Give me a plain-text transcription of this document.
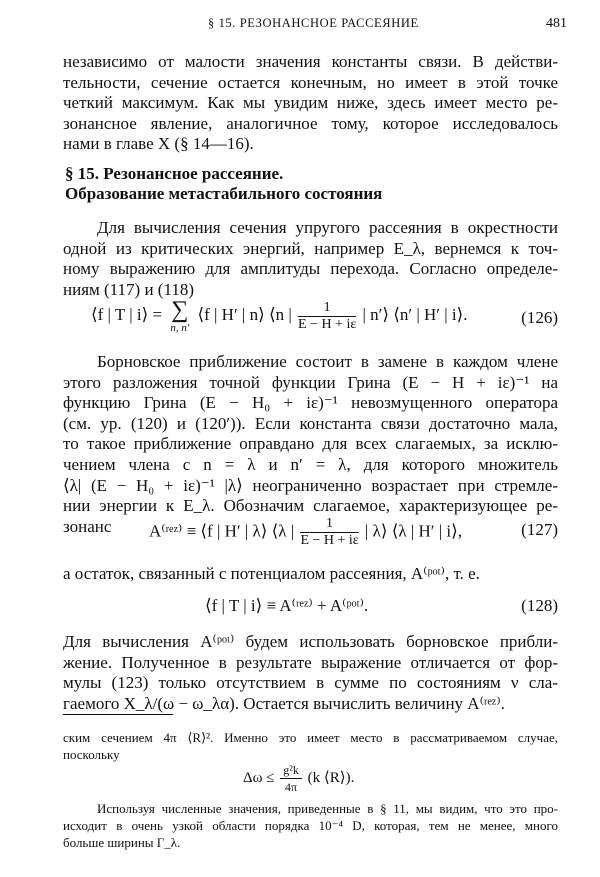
§ 15. РЕЗОНАНСНОЕ РАССЕЯНИЕ	481
независимо от малости значения константы связи. В действи-
тельности, сечение остается конечным, но имеет в этой точке
четкий максимум. Как мы увидим ниже, здесь имеет место ре-
зонансное явление, аналогичное тому, которое исследовалось
нами в главе X (§ 14—16).
§ 15. Резонансное рассеяние.
Образование метастабильного состояния
Для вычисления сечения упругого рассеяния в окрестности
одной из критических энергий, например E_λ, вернемся к точ-
ному выражению для амплитуды перехода. Согласно определе-
ниям (117) и (118)
⟨f | T | i⟩ = ∑
n, n′
⟨f | H′ | n⟩ ⟨n | $\frac{1}{E - H + i\varepsilon}$ | n′⟩ ⟨n′ | H′ | i⟩.	(126)
Борновское приближение состоит в замене в каждом члене
этого разложения точной функции Грина (E − H + iε)⁻¹ на
функцию Грина (E − H₀ + iε)⁻¹ невозмущенного оператора
(см. ур. (120) и (120′)). Если константа связи достаточно мала,
то такое приближение оправдано для всех слагаемых, за исклю-
чением члена с n = λ и n′ = λ, для которого множитель
⟨λ| (E − H₀ + iε)⁻¹ |λ⟩ неограниченно возрастает при стремле-
нии энергии к E_λ. Обозначим слагаемое, характеризующее ре-
зонанс	A⁽ʳᵉᶻ⁾ ≡ ⟨f | H′ | λ⟩ ⟨λ | $\frac{1}{E - H + i\varepsilon}$ | λ⟩ ⟨λ | H′ | i⟩,	(127)
а остаток, связанный с потенциалом рассеяния, A⁽ᵖᵒᵗ⁾, т. е.
⟨f | T | i⟩ ≡ A⁽ʳᵉᶻ⁾ + A⁽ᵖᵒᵗ⁾.	(128)
Для вычисления A⁽ᵖᵒᵗ⁾ будем использовать борновское прибли-
жение. Полученное в результате выражение отличается от фор-
мулы (123) только отсутствием в сумме по состояниям ν сла-
гаемого X_λ/(ω − ω_λα). Остается вычислить величину A⁽ʳᵉᶻ⁾.
ским сечением 4π ⟨R⟩². Именно это имеет место в рассматриваемом случае,
поскольку
$\Delta\omega \le \frac{\text{g²k}}{4\pi} (k$ ⟨R⟩).
Используя численные значения, приведенные в § 11, мы видим, что это про-
исходит в очень узкой области порядка 10⁻⁴ D, которая, тем не менее, много
больше ширины Γ_λ.
